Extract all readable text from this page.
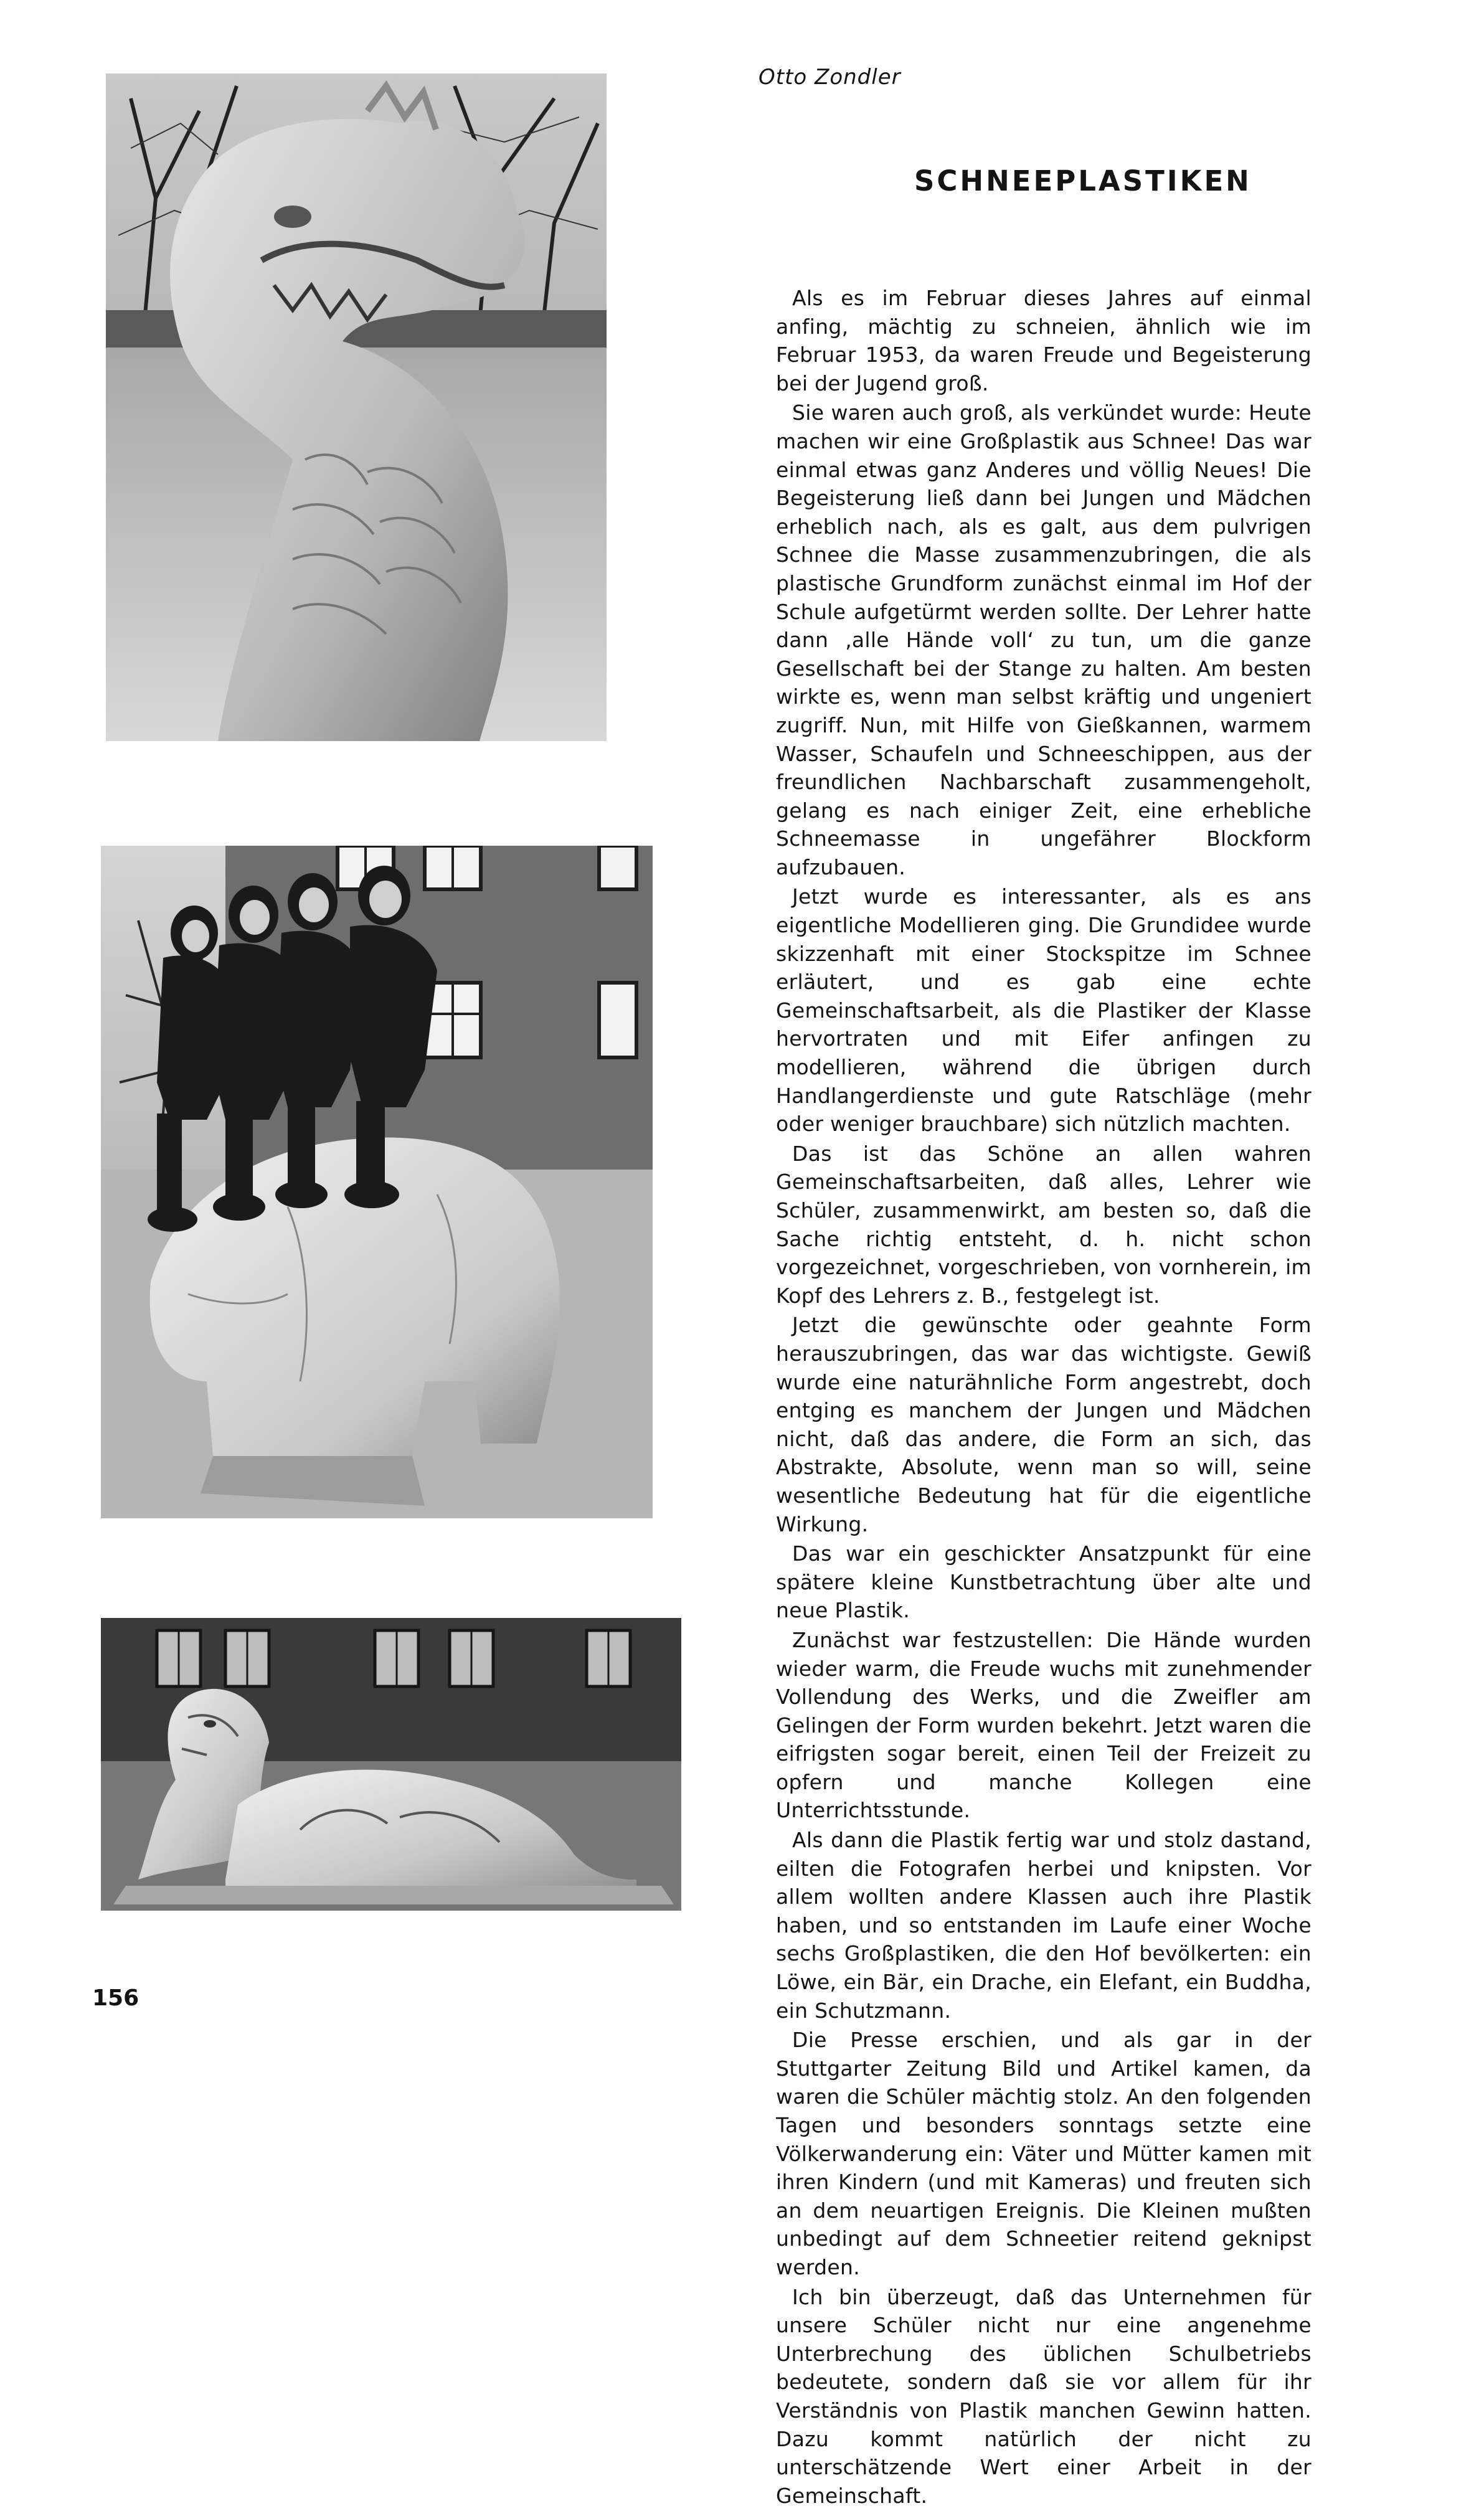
Otto Zondler
SCHNEEPLASTIKEN

Als es im Februar dieses Jahres auf einmal anfing, mächtig zu schneien, ähnlich wie im Februar 1953, da waren Freude und Begeisterung bei der Jugend groß.

Sie waren auch groß, als verkündet wurde: Heute machen wir eine Großplastik aus Schnee! Das war einmal etwas ganz Anderes und völlig Neues! Die Begeisterung ließ dann bei Jungen und Mädchen erheblich nach, als es galt, aus dem pulvrigen Schnee die Masse zusammenzubringen, die als plastische Grundform zunächst einmal im Hof der Schule aufgetürmt werden sollte. Der Lehrer hatte dann ‚alle Hände voll‘ zu tun, um die ganze Gesellschaft bei der Stange zu halten. Am besten wirkte es, wenn man selbst kräftig und ungeniert zugriff. Nun, mit Hilfe von Gießkannen, warmem Wasser, Schaufeln und Schneeschippen, aus der freundlichen Nachbarschaft zusammengeholt, gelang es nach einiger Zeit, eine erhebliche Schneemasse in ungefährer Blockform aufzubauen.

Jetzt wurde es interessanter, als es ans eigentliche Modellieren ging. Die Grundidee wurde skizzenhaft mit einer Stockspitze im Schnee erläutert, und es gab eine echte Gemeinschaftsarbeit, als die Plastiker der Klasse hervortraten und mit Eifer anfingen zu modellieren, während die übrigen durch Handlangerdienste und gute Ratschläge (mehr oder weniger brauchbare) sich nützlich machten.

Das ist das Schöne an allen wahren Gemeinschaftsarbeiten, daß alles, Lehrer wie Schüler, zusammenwirkt, am besten so, daß die Sache richtig entsteht, d. h. nicht schon vorgezeichnet, vorgeschrieben, von vornherein, im Kopf des Lehrers z. B., festgelegt ist.

Jetzt die gewünschte oder geahnte Form herauszubringen, das war das wichtigste. Gewiß wurde eine naturähnliche Form angestrebt, doch entging es manchem der Jungen und Mädchen nicht, daß das andere, die Form an sich, das Abstrakte, Absolute, wenn man so will, seine wesentliche Bedeutung hat für die eigentliche Wirkung.

Das war ein geschickter Ansatzpunkt für eine spätere kleine Kunstbetrachtung über alte und neue Plastik.

Zunächst war festzustellen: Die Hände wurden wieder warm, die Freude wuchs mit zunehmender Vollendung des Werks, und die Zweifler am Gelingen der Form wurden bekehrt. Jetzt waren die eifrigsten sogar bereit, einen Teil der Freizeit zu opfern und manche Kollegen eine Unterrichtsstunde.

Als dann die Plastik fertig war und stolz dastand, eilten die Fotografen herbei und knipsten. Vor allem wollten andere Klassen auch ihre Plastik haben, und so entstanden im Laufe einer Woche sechs Großplastiken, die den Hof bevölkerten: ein Löwe, ein Bär, ein Drache, ein Elefant, ein Buddha, ein Schutzmann.

Die Presse erschien, und als gar in der Stuttgarter Zeitung Bild und Artikel kamen, da waren die Schüler mächtig stolz. An den folgenden Tagen und besonders sonntags setzte eine Völkerwanderung ein: Väter und Mütter kamen mit ihren Kindern (und mit Kameras) und freuten sich an dem neuartigen Ereignis. Die Kleinen mußten unbedingt auf dem Schneetier reitend geknipst werden.

Ich bin überzeugt, daß das Unternehmen für unsere Schüler nicht nur eine angenehme Unterbrechung des üblichen Schulbetriebs bedeutete, sondern daß sie vor allem für ihr Verständnis von Plastik manchen Gewinn hatten. Dazu kommt natürlich der nicht zu unterschätzende Wert einer Arbeit in der Gemeinschaft.

156
